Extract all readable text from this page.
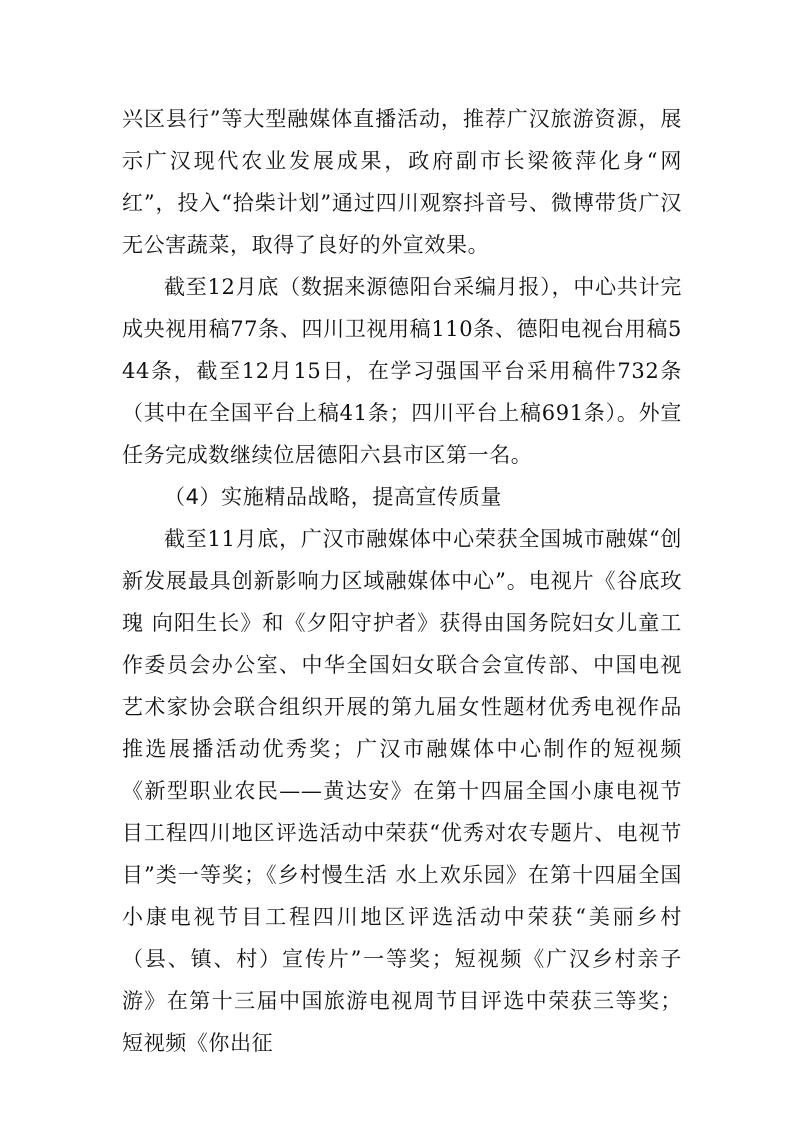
兴区县行”等大型融媒体直播活动，推荐广汉旅游资源，展示广汉现代农业发展成果，政府副市长梁筱萍化身“网红”，投入“拾柴计划”通过四川观察抖音号、微博带货广汉无公害蔬菜，取得了良好的外宣效果。

截至12月底（数据来源德阳台采编月报），中心共计完成央视用稿77条、四川卫视用稿110条、德阳电视台用稿544条，截至12月15日，在学习强国平台采用稿件732条（其中在全国平台上稿41条；四川平台上稿691条）。外宣任务完成数继续位居德阳六县市区第一名。

（4）实施精品战略，提高宣传质量

截至11月底，广汉市融媒体中心荣获全国城市融媒“创新发展最具创新影响力区域融媒体中心”。电视片《谷底玫瑰 向阳生长》和《夕阳守护者》获得由国务院妇女儿童工作委员会办公室、中华全国妇女联合会宣传部、中国电视艺术家协会联合组织开展的第九届女性题材优秀电视作品推选展播活动优秀奖；广汉市融媒体中心制作的短视频《新型职业农民——黄达安》在第十四届全国小康电视节目工程四川地区评选活动中荣获“优秀对农专题片、电视节目”类一等奖；《乡村慢生活 水上欢乐园》在第十四届全国小康电视节目工程四川地区评选活动中荣获“美丽乡村（县、镇、村）宣传片”一等奖；短视频《广汉乡村亲子游》在第十三届中国旅游电视周节目评选中荣获三等奖；短视频《你出征
